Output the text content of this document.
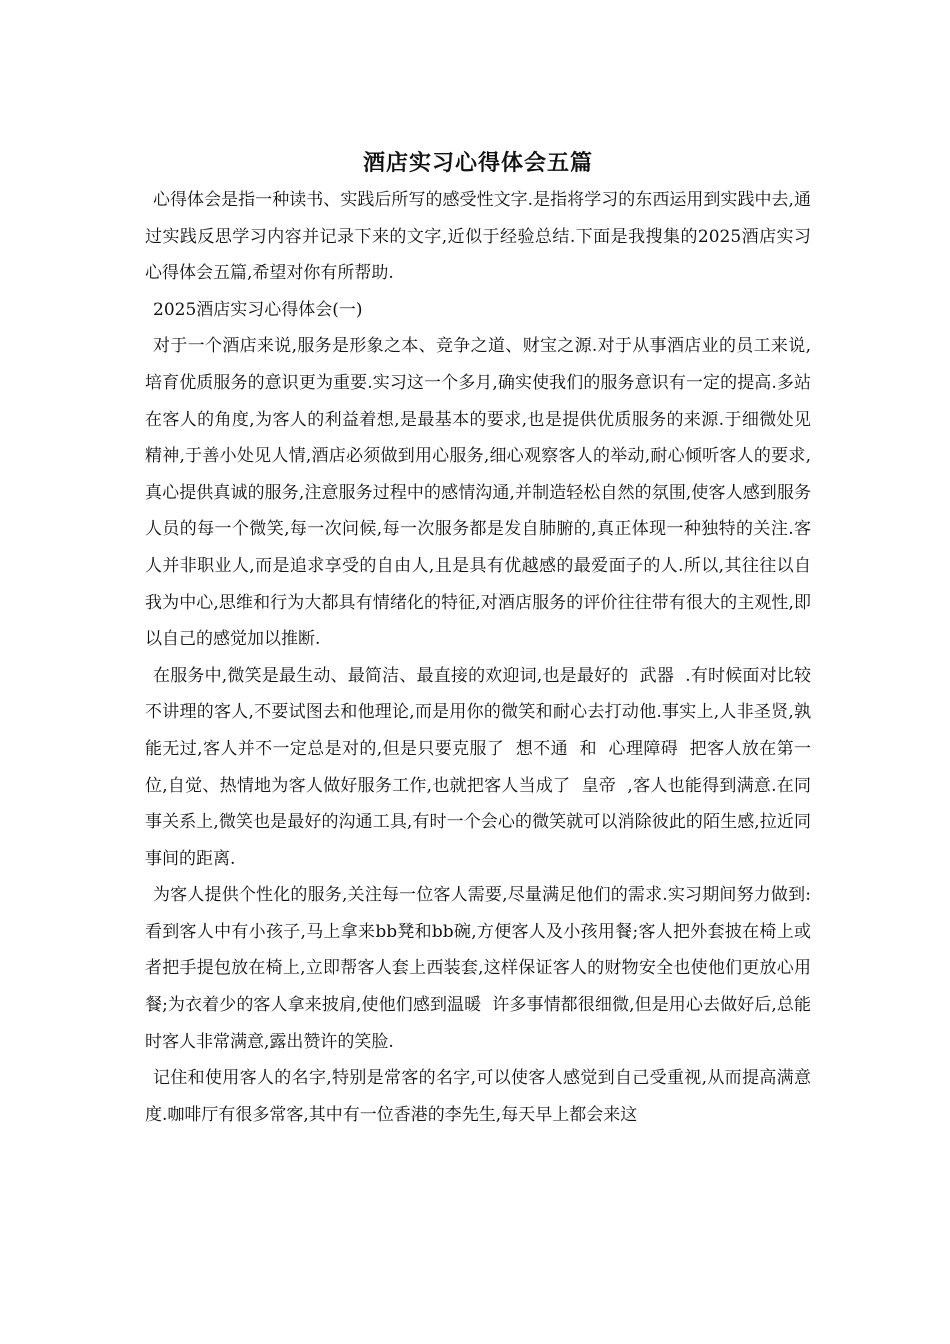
酒店实习心得体会五篇

心得体会是指一种读书、实践后所写的感受性文字.是指将学习的东西运用到实践中去,通过实践反思学习内容并记录下来的文字,近似于经验总结.下面是我搜集的2025酒店实习心得体会五篇,希望对你有所帮助.

2025酒店实习心得体会(一)

对于一个酒店来说,服务是形象之本、竞争之道、财宝之源.对于从事酒店业的员工来说,培育优质服务的意识更为重要.实习这一个多月,确实使我们的服务意识有一定的提高.多站在客人的角度,为客人的利益着想,是最基本的要求,也是提供优质服务的来源.于细微处见精神,于善小处见人情,酒店必须做到用心服务,细心观察客人的举动,耐心倾听客人的要求,真心提供真诚的服务,注意服务过程中的感情沟通,并制造轻松自然的氛围,使客人感到服务人员的每一个微笑,每一次问候,每一次服务都是发自肺腑的,真正体现一种独特的关注.客人并非职业人,而是追求享受的自由人,且是具有优越感的最爱面子的人.所以,其往往以自我为中心,思维和行为大都具有情绪化的特征,对酒店服务的评价往往带有很大的主观性,即以自己的感觉加以推断.

在服务中,微笑是最生动、最简洁、最直接的欢迎词,也是最好的  武器  .有时候面对比较不讲理的客人,不要试图去和他理论,而是用你的微笑和耐心去打动他.事实上,人非圣贤,孰能无过,客人并不一定总是对的,但是只要克服了  想不通  和  心理障碍  把客人放在第一位,自觉、热情地为客人做好服务工作,也就把客人当成了  皇帝  ,客人也能得到满意.在同事关系上,微笑也是最好的沟通工具,有时一个会心的微笑就可以消除彼此的陌生感,拉近同事间的距离.

为客人提供个性化的服务,关注每一位客人需要,尽量满足他们的需求.实习期间努力做到:看到客人中有小孩子,马上拿来bb凳和bb碗,方便客人及小孩用餐;客人把外套披在椅上或者把手提包放在椅上,立即帮客人套上西装套,这样保证客人的财物安全也使他们更放心用餐;为衣着少的客人拿来披肩,使他们感到温暖  许多事情都很细微,但是用心去做好后,总能时客人非常满意,露出赞许的笑脸.

记住和使用客人的名字,特别是常客的名字,可以使客人感觉到自己受重视,从而提高满意度.咖啡厅有很多常客,其中有一位香港的李先生,每天早上都会来这
